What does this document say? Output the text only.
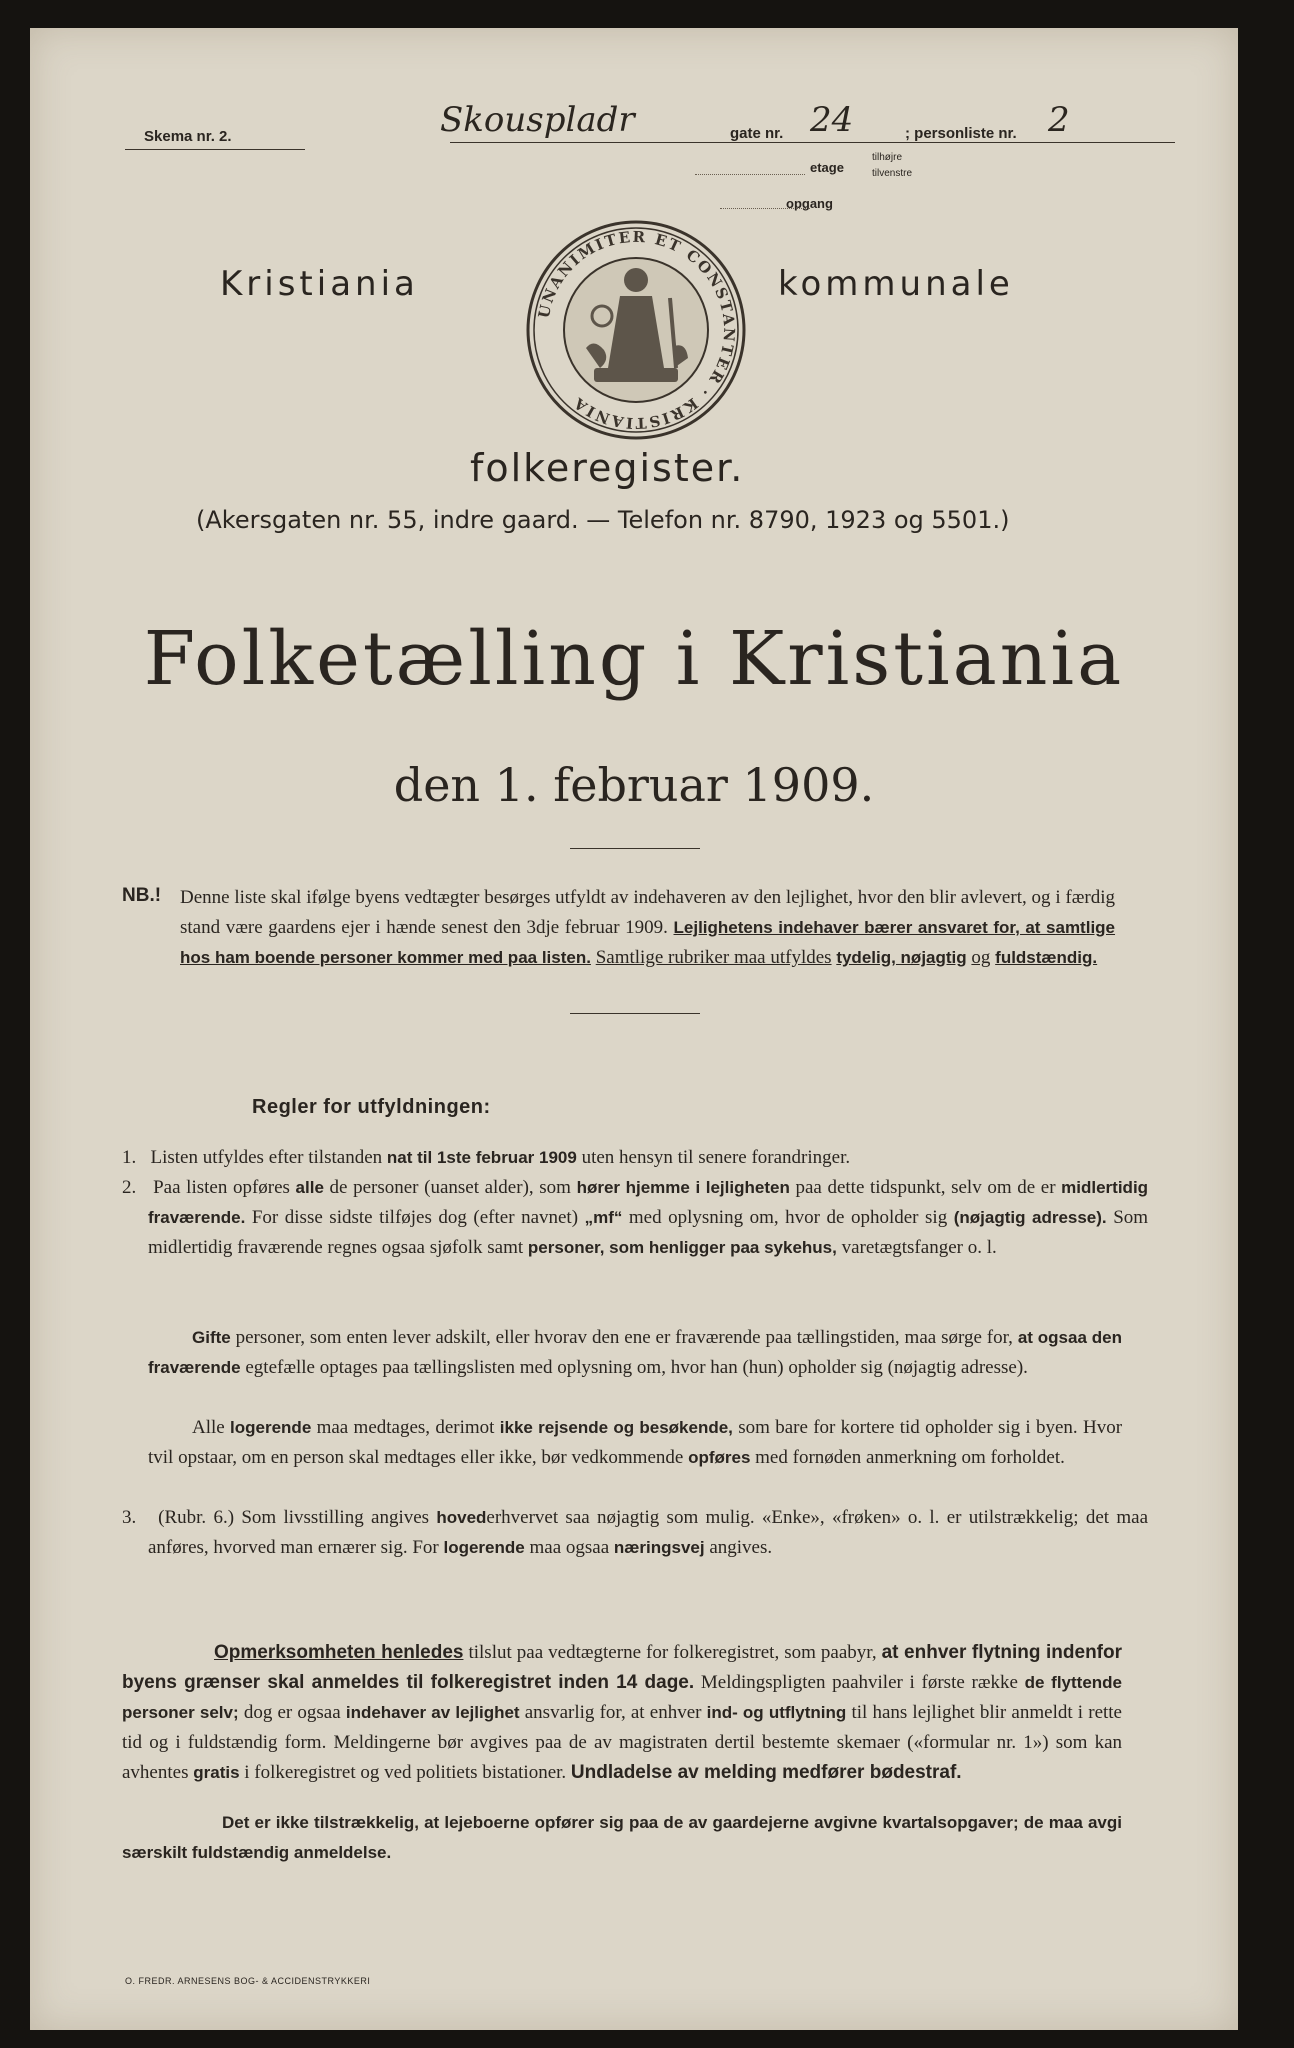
Skema nr. 2.	Skouspladr	gate nr. 24	; personliste nr. 2
etage
tilhøjre
tilvenstre
opgang
UNANIMITER ET CONSTANTER · KRISTIANIA
Kristiania	kommunale
folkeregister.
(Akersgaten nr. 55, indre gaard. — Telefon nr. 8790, 1923 og 5501.)
Folketælling i Kristiania
den 1. februar 1909.
NB.! Denne liste skal ifølge byens vedtægter besørges utfyldt av indehaveren av den lejlighet, hvor den blir avlevert, og i færdig stand være gaardens ejer i hænde senest den 3dje februar 1909. Lejlighetens indehaver bærer ansvaret for, at samtlige hos ham boende personer kommer med paa listen. Samtlige rubriker maa utfyldes tydelig, nøjagtig og fuldstændig.
Regler for utfyldningen:
1. Listen utfyldes efter tilstanden nat til 1ste februar 1909 uten hensyn til senere forandringer.
2. Paa listen opføres alle de personer (uanset alder), som hører hjemme i lejligheten paa dette tidspunkt, selv om de er midlertidig fraværende. For disse sidste tilføjes dog (efter navnet) „mf“ med oplysning om, hvor de opholder sig (nøjagtig adresse). Som midlertidig fraværende regnes ogsaa sjøfolk samt personer, som henligger paa sykehus, varetægtsfanger o. l.
Gifte personer, som enten lever adskilt, eller hvorav den ene er fraværende paa tællingstiden, maa sørge for, at ogsaa den fraværende egtefælle optages paa tællingslisten med oplysning om, hvor han (hun) opholder sig (nøjagtig adresse).
Alle logerende maa medtages, derimot ikke rejsende og besøkende, som bare for kortere tid opholder sig i byen. Hvor tvil opstaar, om en person skal medtages eller ikke, bør vedkommende opføres med fornøden anmerkning om forholdet.
3. (Rubr. 6.) Som livsstilling angives hovederhvervet saa nøjagtig som mulig. «Enke», «frøken» o. l. er utilstrækkelig; det maa anføres, hvorved man ernærer sig. For logerende maa ogsaa næringsvej angives.
Opmerksomheten henledes tilslut paa vedtægterne for folkeregistret, som paabyr, at enhver flytning indenfor byens grænser skal anmeldes til folkeregistret inden 14 dage. Meldingspligten paahviler i første række de flyttende personer selv; dog er ogsaa indehaver av lejlighet ansvarlig for, at enhver ind- og utflytning til hans lejlighet blir anmeldt i rette tid og i fuldstændig form. Meldingerne bør avgives paa de av magistraten dertil bestemte skemaer («formular nr. 1») som kan avhentes gratis i folkeregistret og ved politiets bistationer. Undladelse av melding medfører bødestraf.
Det er ikke tilstrækkelig, at lejeboerne opfører sig paa de av gaardejerne avgivne kvartalsopgaver; de maa avgi særskilt fuldstændig anmeldelse.
O. FREDR. ARNESENS BOG- & ACCIDENSTRYKKERI
